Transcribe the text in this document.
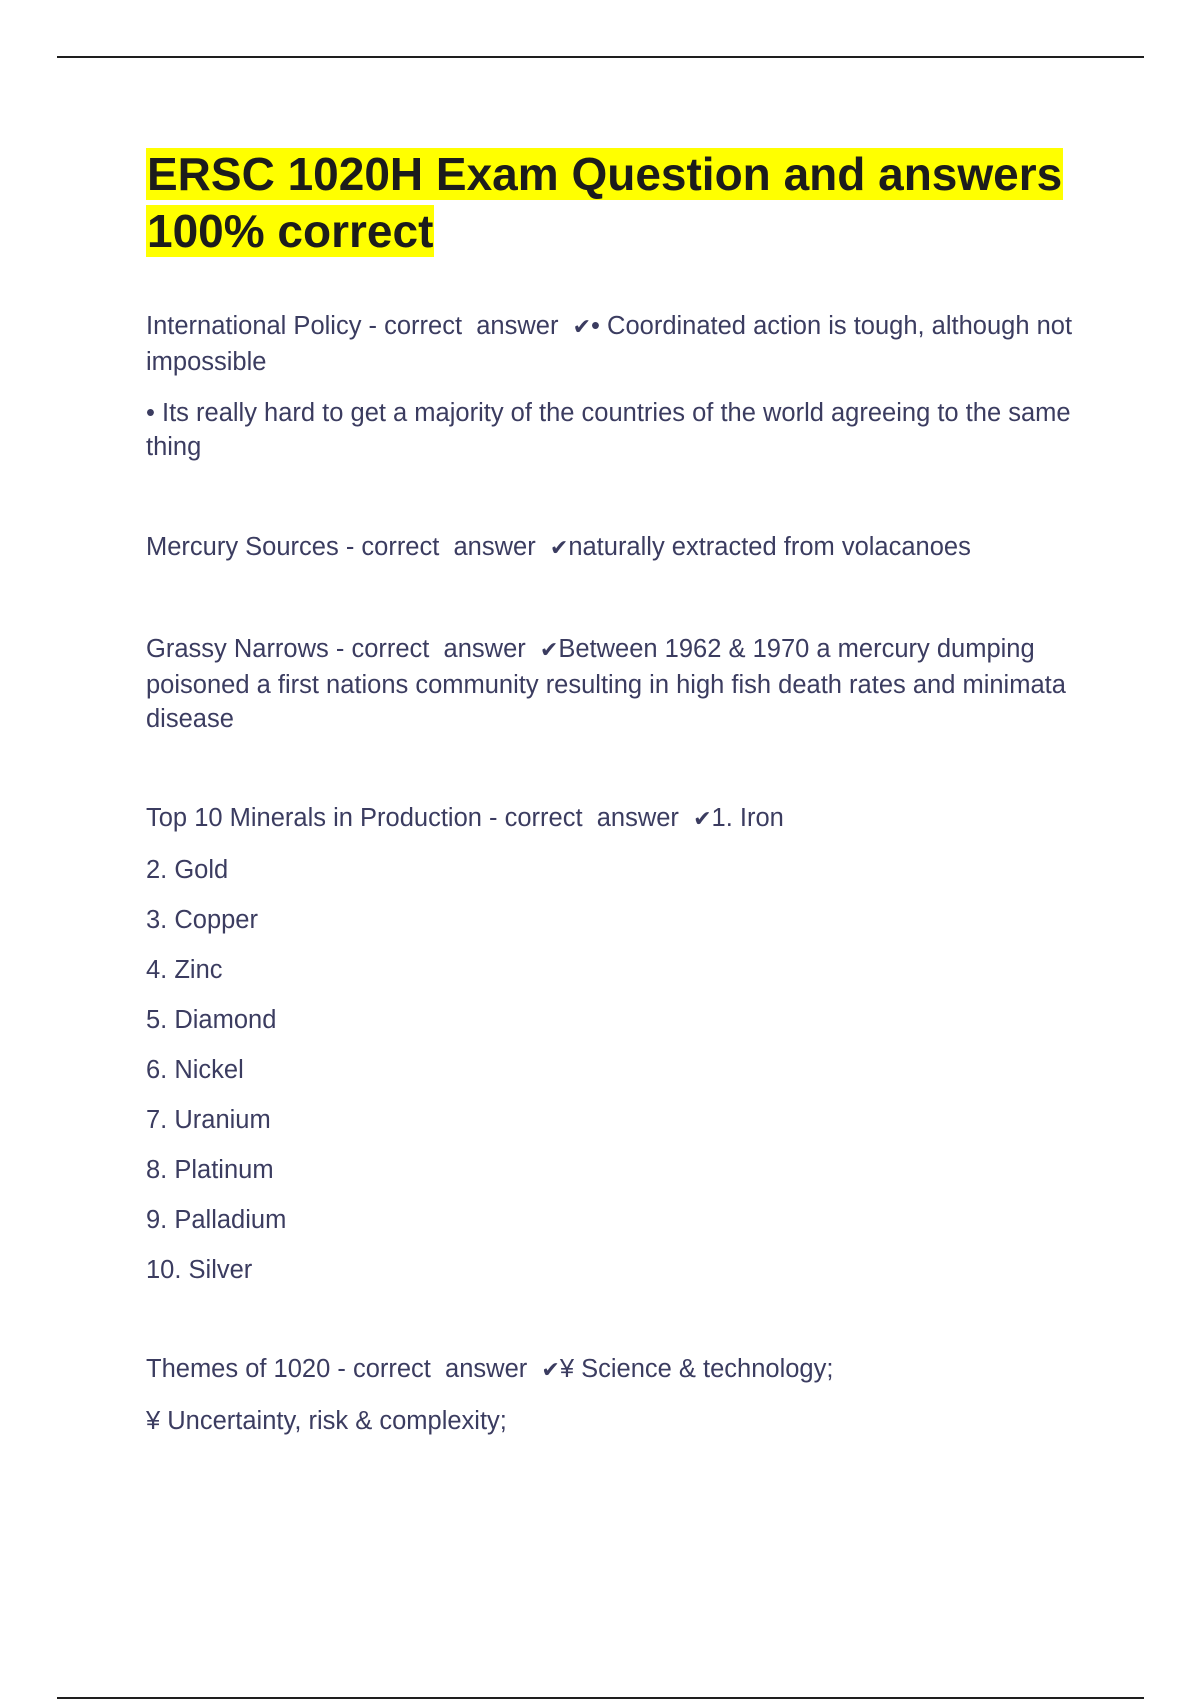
ERSC 1020H Exam Question and answers 100% correct

International Policy - correct  answer  ✔• Coordinated action is tough, although not impossible

• Its really hard to get a majority of the countries of the world agreeing to the same thing

Mercury Sources - correct  answer  ✔naturally extracted from volacanoes

Grassy Narrows - correct  answer  ✔Between 1962 & 1970 a mercury dumping poisoned a first nations community resulting in high fish death rates and minimata disease

Top 10 Minerals in Production - correct  answer  ✔1. Iron

2. Gold

3. Copper

4. Zinc

5. Diamond

6. Nickel

7. Uranium

8. Platinum

9. Palladium

10. Silver

Themes of 1020 - correct  answer  ✔¥ Science & technology;

¥ Uncertainty, risk & complexity;
